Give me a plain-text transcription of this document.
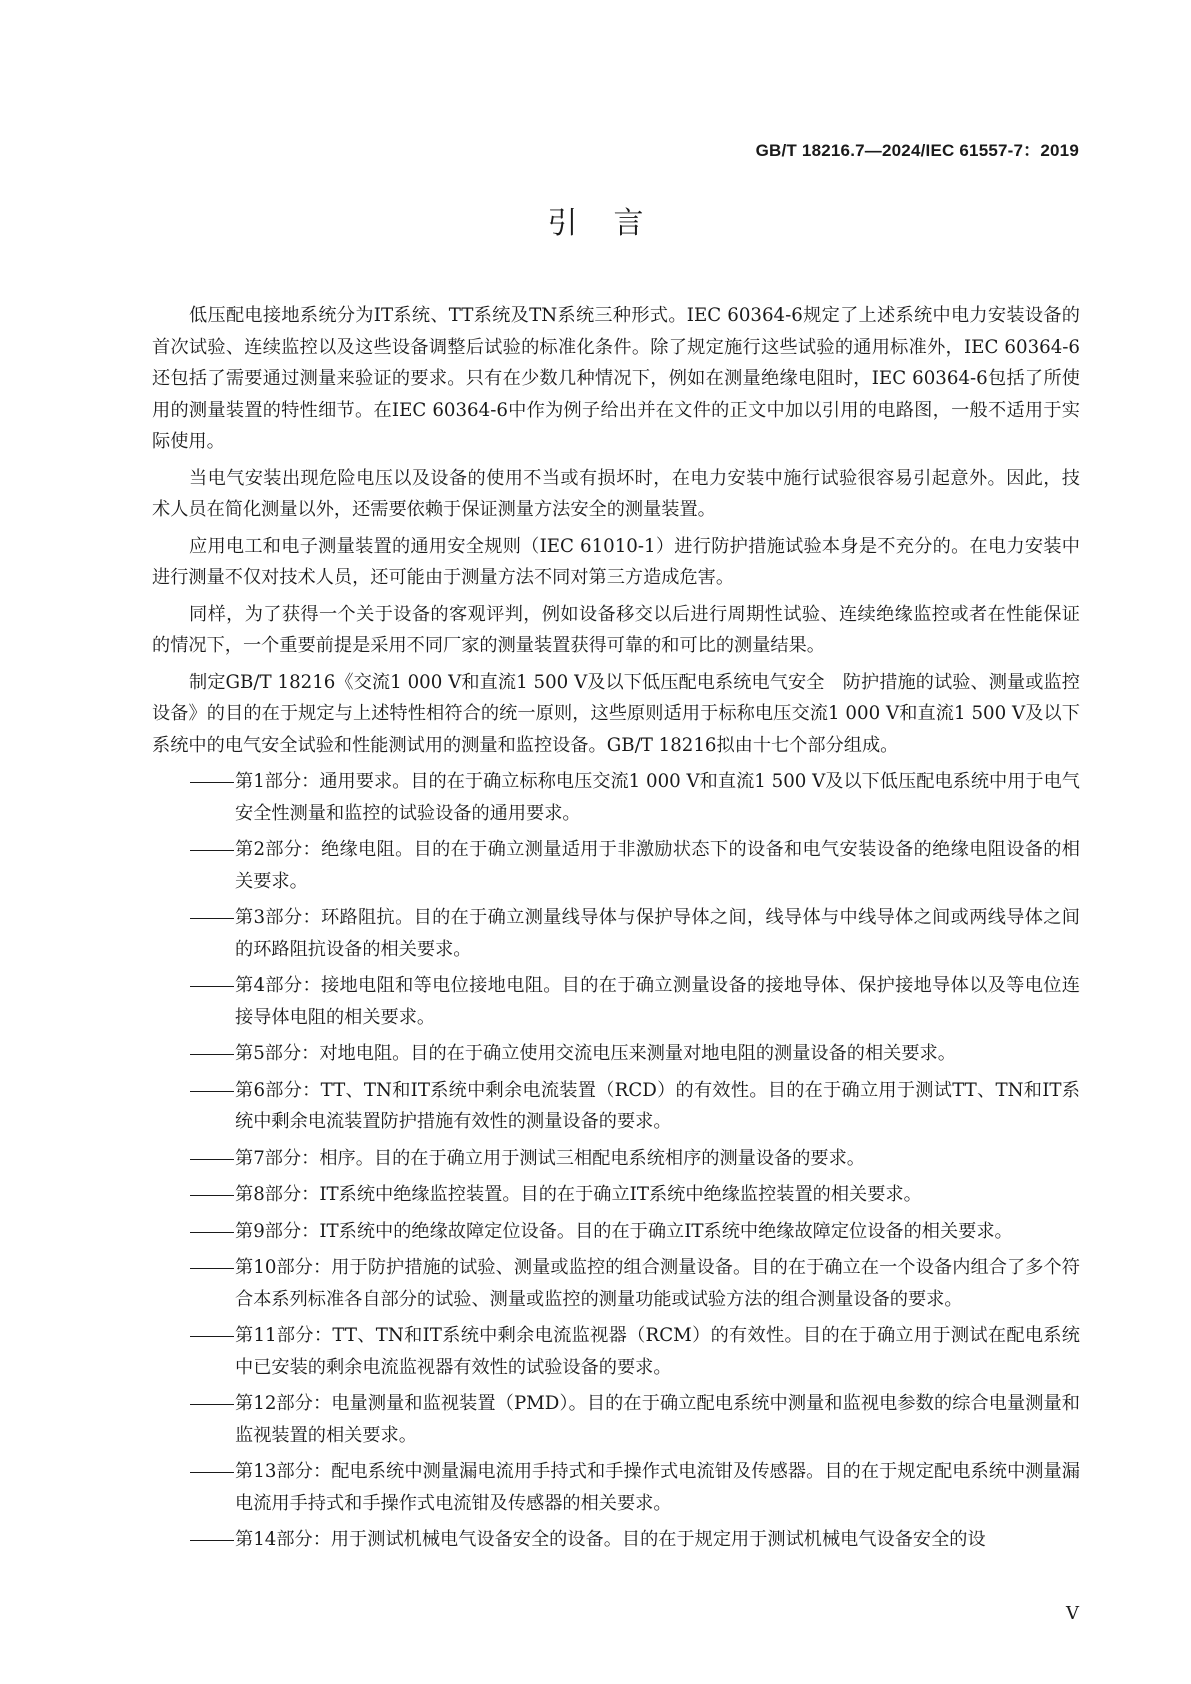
GB/T 18216.7—2024/IEC 61557-7：2019
引言

低压配电接地系统分为IT系统、TT系统及TN系统三种形式。IEC 60364-6规定了上述系统中电力安装设备的首次试验、连续监控以及这些设备调整后试验的标准化条件。除了规定施行这些试验的通用标准外，IEC 60364-6还包括了需要通过测量来验证的要求。只有在少数几种情况下，例如在测量绝缘电阻时，IEC 60364-6包括了所使用的测量装置的特性细节。在IEC 60364-6中作为例子给出并在文件的正文中加以引用的电路图，一般不适用于实际使用。

当电气安装出现危险电压以及设备的使用不当或有损坏时，在电力安装中施行试验很容易引起意外。因此，技术人员在简化测量以外，还需要依赖于保证测量方法安全的测量装置。

应用电工和电子测量装置的通用安全规则（IEC 61010-1）进行防护措施试验本身是不充分的。在电力安装中进行测量不仅对技术人员，还可能由于测量方法不同对第三方造成危害。

同样，为了获得一个关于设备的客观评判，例如设备移交以后进行周期性试验、连续绝缘监控或者在性能保证的情况下，一个重要前提是采用不同厂家的测量装置获得可靠的和可比的测量结果。

制定GB/T 18216《交流1 000 V和直流1 500 V及以下低压配电系统电气安全　防护措施的试验、测量或监控设备》的目的在于规定与上述特性相符合的统一原则，这些原则适用于标称电压交流1 000 V和直流1 500 V及以下系统中的电气安全试验和性能测试用的测量和监控设备。GB/T 18216拟由十七个部分组成。

第1部分：通用要求。目的在于确立标称电压交流1 000 V和直流1 500 V及以下低压配电系统中用于电气安全性测量和监控的试验设备的通用要求。
第2部分：绝缘电阻。目的在于确立测量适用于非激励状态下的设备和电气安装设备的绝缘电阻设备的相关要求。
第3部分：环路阻抗。目的在于确立测量线导体与保护导体之间，线导体与中线导体之间或两线导体之间的环路阻抗设备的相关要求。
第4部分：接地电阻和等电位接地电阻。目的在于确立测量设备的接地导体、保护接地导体以及等电位连接导体电阻的相关要求。
第5部分：对地电阻。目的在于确立使用交流电压来测量对地电阻的测量设备的相关要求。
第6部分：TT、TN和IT系统中剩余电流装置（RCD）的有效性。目的在于确立用于测试TT、TN和IT系统中剩余电流装置防护措施有效性的测量设备的要求。
第7部分：相序。目的在于确立用于测试三相配电系统相序的测量设备的要求。
第8部分：IT系统中绝缘监控装置。目的在于确立IT系统中绝缘监控装置的相关要求。
第9部分：IT系统中的绝缘故障定位设备。目的在于确立IT系统中绝缘故障定位设备的相关要求。
第10部分：用于防护措施的试验、测量或监控的组合测量设备。目的在于确立在一个设备内组合了多个符合本系列标准各自部分的试验、测量或监控的测量功能或试验方法的组合测量设备的要求。
第11部分：TT、TN和IT系统中剩余电流监视器（RCM）的有效性。目的在于确立用于测试在配电系统中已安装的剩余电流监视器有效性的试验设备的要求。
第12部分：电量测量和监视装置（PMD）。目的在于确立配电系统中测量和监视电参数的综合电量测量和监视装置的相关要求。
第13部分：配电系统中测量漏电流用手持式和手操作式电流钳及传感器。目的在于规定配电系统中测量漏电流用手持式和手操作式电流钳及传感器的相关要求。
第14部分：用于测试机械电气设备安全的设备。目的在于规定用于测试机械电气设备安全的设
V
